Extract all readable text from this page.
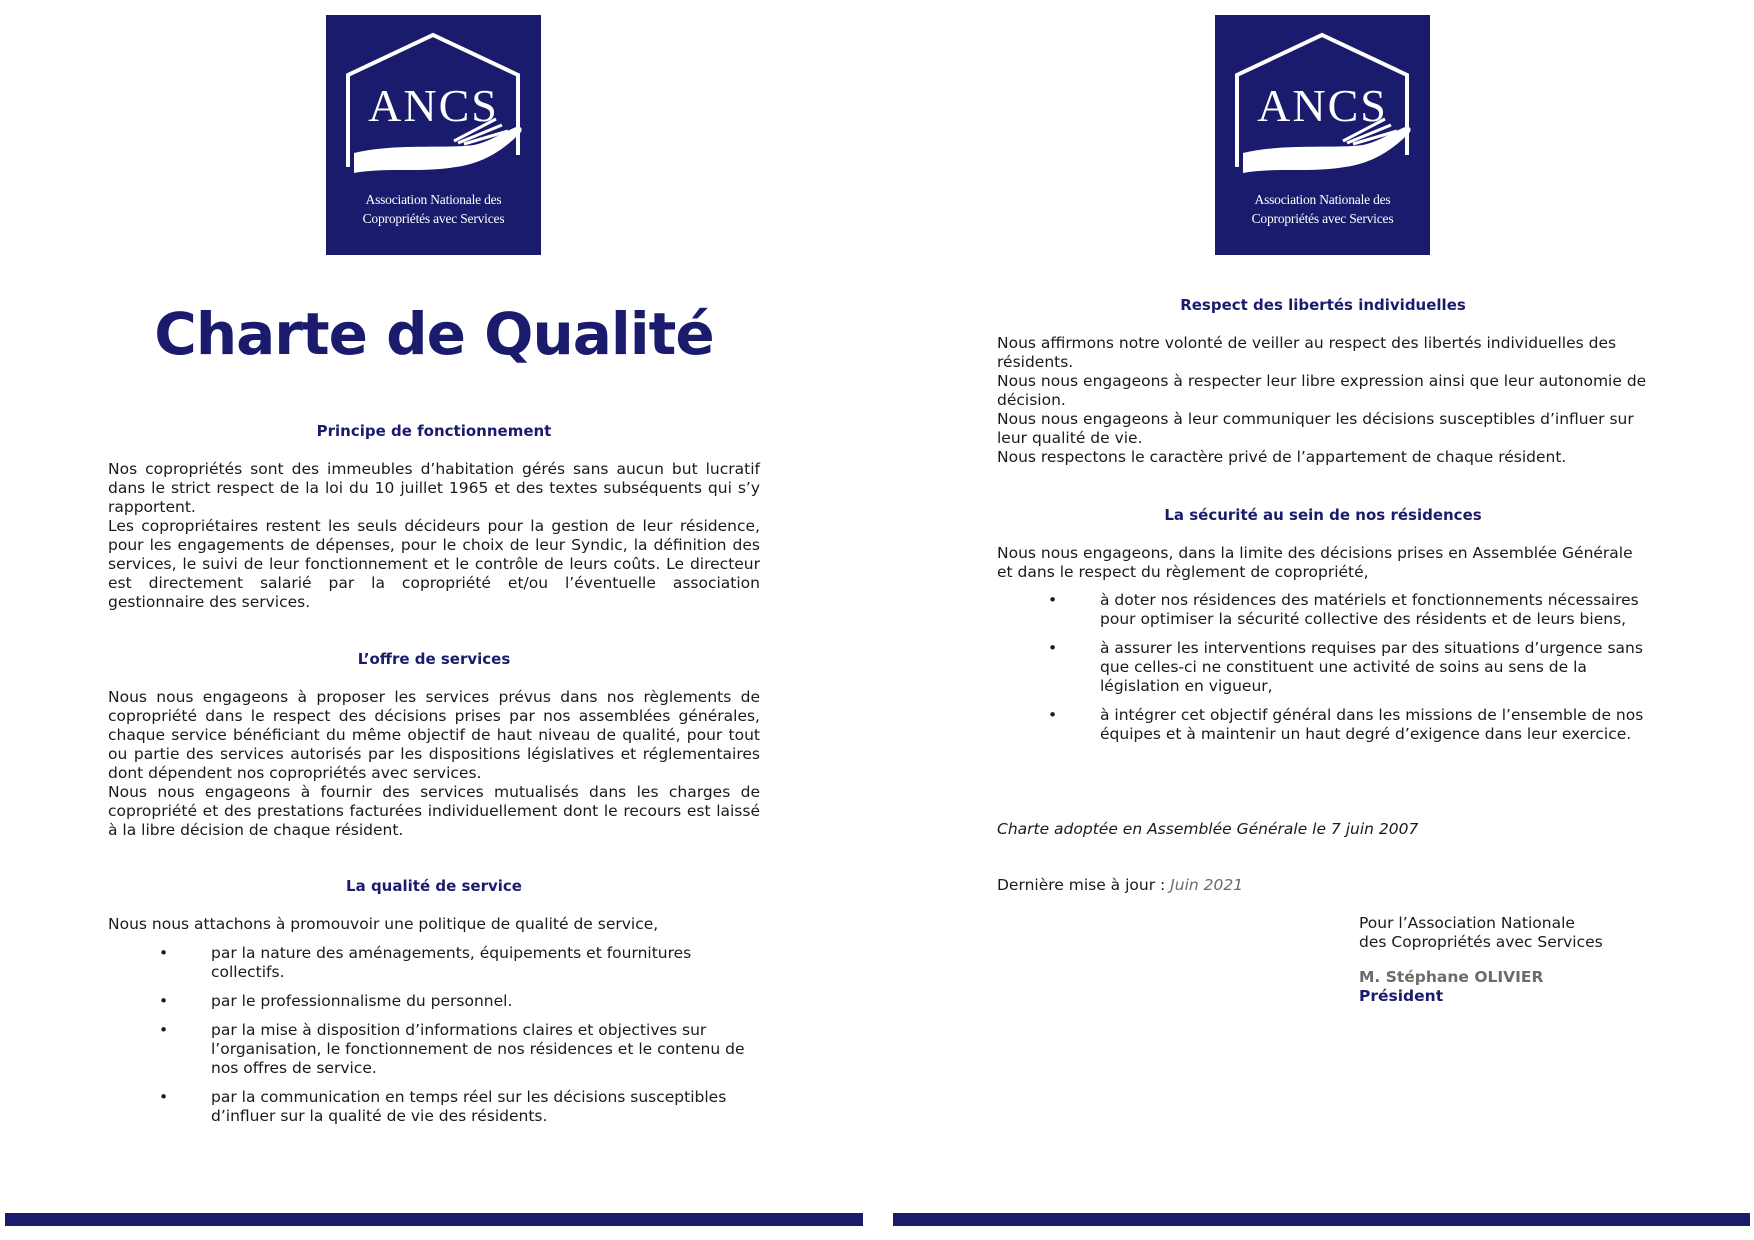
ANCS
Association Nationale des
Copropriétés avec Services
ANCS
Association Nationale des
Copropriétés avec Services
Charte de Qualité
Principe de fonctionnement
Nos copropriétés sont des immeubles d’habitation gérés sans aucun but lucratif dans le strict respect de la loi du 10 juillet 1965 et des textes subséquents qui s’y rapportent.
Les copropriétaires restent les seuls décideurs pour la gestion de leur résidence, pour les engagements de dépenses, pour le choix de leur Syndic, la définition des services, le suivi de leur fonctionnement et le contrôle de leurs coûts. Le directeur est directement salarié par la copropriété et/ou l’éventuelle association gestionnaire des services.
L’offre de services
Nous nous engageons à proposer les services prévus dans nos règlements de copropriété dans le respect des décisions prises par nos assemblées générales, chaque service bénéficiant du même objectif de haut niveau de qualité, pour tout ou partie des services autorisés par les dispositions législatives et réglementaires dont dépendent nos copropriétés avec services.
Nous nous engageons à fournir des services mutualisés dans les charges de copropriété et des prestations facturées individuellement dont le recours est laissé à la libre décision de chaque résident.
La qualité de service
Nous nous attachons à promouvoir une politique de qualité de service,
•	par la nature des aménagements, équipements et fournitures collectifs.
•	par le professionnalisme du personnel.
•	par la mise à disposition d’informations claires et objectives sur l’organisation, le fonctionnement de nos résidences et le contenu de nos offres de service.
•	par la communication en temps réel sur les décisions susceptibles d’influer sur la qualité de vie des résidents.
Respect des libertés individuelles
Nous affirmons notre volonté de veiller au respect des libertés individuelles des résidents.
Nous nous engageons à respecter leur libre expression ainsi que leur autonomie de décision.
Nous nous engageons à leur communiquer les décisions susceptibles d’influer sur leur qualité de vie.
Nous respectons le caractère privé de l’appartement de chaque résident.
La sécurité au sein de nos résidences
Nous nous engageons, dans la limite des décisions prises en Assemblée Générale et dans le respect du règlement de copropriété,
•	à doter nos résidences des matériels et fonctionnements nécessaires pour optimiser la sécurité collective des résidents et de leurs biens,
•	à assurer les interventions requises par des situations d’urgence sans que celles-ci ne constituent une activité de soins au sens de la législation en vigueur,
•	à intégrer cet objectif général dans les missions de l’ensemble de nos équipes et à maintenir un haut degré d’exigence dans leur exercice.
Charte adoptée en Assemblée Générale le 7 juin 2007
Dernière mise à jour : Juin 2021
Pour l’Association Nationale
des Copropriétés avec Services
M. Stéphane OLIVIER
Président
